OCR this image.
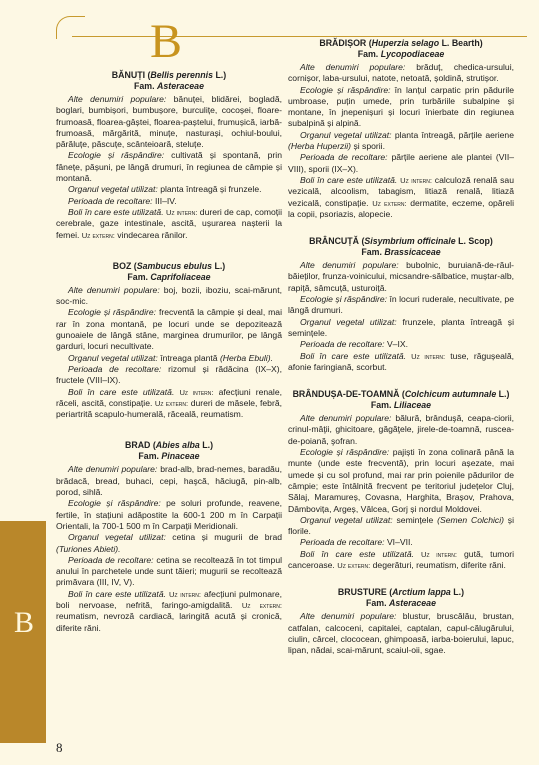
B
B
8

BĂNUȚI (Bellis perennis L.)

Fam. Asteraceae

Alte denumiri populare: bănuței, blidărei, bogladă, boglari, bumbișori, bumbușore, burculițe, cocoșei, floare-frumoasă, floarea-gâștei, floarea-paștelui, frumușică, iarbă-frumoasă, mărgărită, minuțe, nasturași, ochiul-boului, părăluțe, păscuțe, scânteioară, steluțe.

Ecologie și răspândire: cultivată și spontană, prin fânețe, pășuni, pe lângă drumuri, în regiunea de câmpie și montană.

Organul vegetal utilizat: planta întreagă și frunzele.

Perioada de recoltare: III–IV.

Boli în care este utilizată. Uz intern: dureri de cap, comoții cerebrale, gaze intestinale, ascită, ușurarea nașterii la femei. Uz extern: vindecarea rănilor.

BOZ (Sambucus ebulus L.)

Fam. Caprifoliaceae

Alte denumiri populare: boj, bozii, iboziu, scai-mărunt, soc-mic.

Ecologie și răspândire: frecventă la câmpie și deal, mai rar în zona montană, pe locuri unde se depozitează gunoaiele de lângă stâne, marginea drumurilor, pe lângă garduri, locuri necultivate.

Organul vegetal utilizat: întreaga plantă (Herba Ebuli).

Perioada de recoltare: rizomul și rădăcina (IX–X), fructele (VIII–IX).

Boli în care este utilizată. Uz intern: afecțiuni renale, răceli, ascită, constipație. Uz extern: dureri de măsele, febră, periartrită scapulo-humerală, răceală, reumatism.

BRAD (Abies alba L.)

Fam. Pinaceae

Alte denumiri populare: brad-alb, brad-nemes, baradău, brădacă, bread, buhaci, cepi, haşcă, hăciugă, pin-alb, porod, sihlă.

Ecologie și răspândire: pe soluri profunde, reavene, fertile, în stațiuni adăpostite la 600-1 200 m în Carpații Orientali, la 700-1 500 m în Carpații Meridionali.

Organul vegetal utilizat: cetina și mugurii de brad (Turiones Abieti).

Perioada de recoltare: cetina se recoltează în tot timpul anului în parchetele unde sunt tăieri; mugurii se recoltează primăvara (III, IV, V).

Boli în care este utilizată. Uz intern: afecțiuni pulmonare, boli nervoase, nefrită, faringo-amigdalită. Uz extern: reumatism, nevroză cardiacă, laringită acută și cronică, diferite răni.

BRĂDIȘOR (Huperzia selago L. Bearth)

Fam. Lycopodiaceae

Alte denumiri populare: brăduț, chedica-ursului, cornișor, laba-ursului, natote, netoată, șoldină, strutișor.

Ecologie și răspândire: în lanțul carpatic prin pădurile umbroase, puțin umede, prin turbăriile subalpine și montane, în jnepenișuri și locuri înierbate din regiunea subalpină și alpină.

Organul vegetal utilizat: planta întreagă, părțile aeriene (Herba Huperzii) și sporii.

Perioada de recoltare: părțile aeriene ale plantei (VII–VIII), sporii (IX–X).

Boli în care este utilizată. Uz intern: calculoză renală sau vezicală, alcoolism, tabagism, litiază renală, litiază vezicală, constipație. Uz extern: dermatite, eczeme, opăreli la copii, psoriazis, alopecie.

BRÂNCUȚĂ (Sisymbrium officinale L. Scop)

Fam. Brassicaceae

Alte denumiri populare: bubolnic, buruiană-de-răul-băieților, frunza-voinicului, micsandre-sălbatice, muștar-alb, rapiță, sâmcuță, usturoiță.

Ecologie și răspândire: în locuri ruderale, necultivate, pe lângă drumuri.

Organul vegetal utilizat: frunzele, planta întreagă și semințele.

Perioada de recoltare: V–IX.

Boli în care este utilizată. Uz intern: tuse, răgușeală, afonie faringiană, scorbut.

BRÂNDUȘA-DE-TOAMNĂ (Colchicum autumnale L.)

Fam. Liliaceae

Alte denumiri populare: bălură, brânduşă, ceapa-ciorii, crinul-mâţii, ghicitoare, găgăţele, jirele-de-toamnă, ruscea-de-poiană, şofran.

Ecologie și răspândire: pajiști în zona colinară până la munte (unde este frecventă), prin locuri așezate, mai umede și cu sol profund, mai rar prin poienile pădurilor de câmpie; este întâlnită frecvent pe teritoriul județelor Cluj, Sălaj, Maramureș, Covasna, Harghita, Brașov, Prahova, Dâmbovița, Argeș, Vâlcea, Gorj și nordul Moldovei.

Organul vegetal utilizat: semințele (Semen Colchici) și florile.

Perioada de recoltare: VI–VII.

Boli în care este utilizată. Uz intern: gută, tumori canceroase. Uz extern: degerături, reumatism, diferite răni.

BRUSTURE (Arctium lappa L.)

Fam. Asteraceae

Alte denumiri populare: blustur, bruscălău, brustan, catfalan, calcoceni, capitalei, captalan, capul-călugărului, ciulin, cârcel, clococean, ghimpoasă, iarba-boierului, lapuc, lipan, nădai, scai-mărunt, scaiul-oii, sgae.
